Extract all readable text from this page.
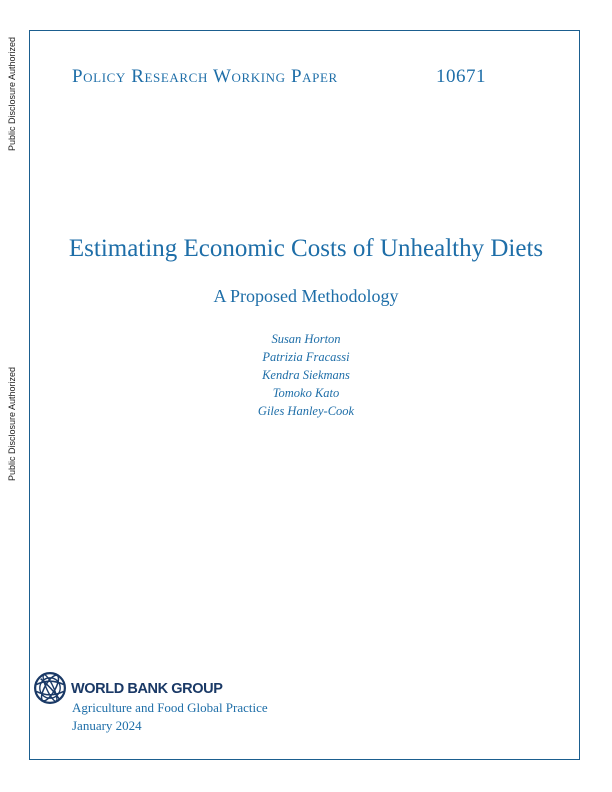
Public Disclosure Authorized
Public Disclosure Authorized
Policy Research Working Paper	10671
Estimating Economic Costs of Unhealthy Diets
A Proposed Methodology
Susan Horton
Patrizia Fracassi
Kendra Siekmans
Tomoko Kato
Giles Hanley-Cook
WORLD BANK GROUP
Agriculture and Food Global Practice
January 2024
